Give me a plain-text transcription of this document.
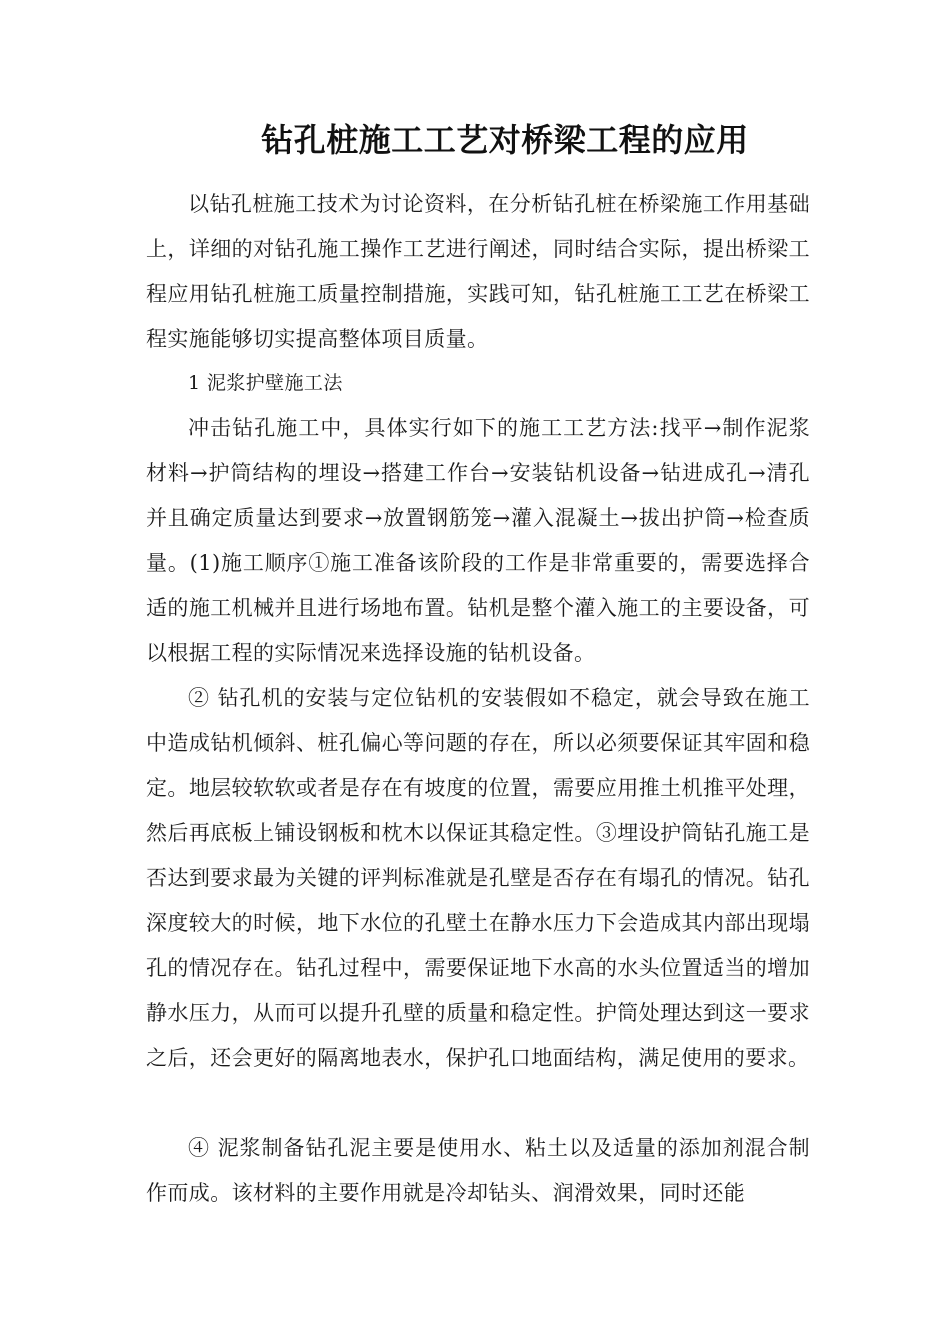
钻孔桩施工工艺对桥梁工程的应用

以钻孔桩施工技术为讨论资料，在分析钻孔桩在桥梁施工作用基础上，详细的对钻孔施工操作工艺进行阐述，同时结合实际，提出桥梁工程应用钻孔桩施工质量控制措施，实践可知，钻孔桩施工工艺在桥梁工程实施能够切实提高整体项目质量。

1 泥浆护壁施工法

冲击钻孔施工中，具体实行如下的施工工艺方法:找平→制作泥浆材料→护筒结构的埋设→搭建工作台→安装钻机设备→钻进成孔→清孔并且确定质量达到要求→放置钢筋笼→灌入混凝土→拔出护筒→检查质量。(1)施工顺序①施工准备该阶段的工作是非常重要的，需要选择合适的施工机械并且进行场地布置。钻机是整个灌入施工的主要设备，可以根据工程的实际情况来选择设施的钻机设备。

② 钻孔机的安装与定位钻机的安装假如不稳定，就会导致在施工中造成钻机倾斜、桩孔偏心等问题的存在，所以必须要保证其牢固和稳定。地层较软软或者是存在有坡度的位置，需要应用推土机推平处理，然后再底板上铺设钢板和枕木以保证其稳定性。③埋设护筒钻孔施工是否达到要求最为关键的评判标准就是孔壁是否存在有塌孔的情况。钻孔深度较大的时候，地下水位的孔壁土在静水压力下会造成其内部出现塌孔的情况存在。钻孔过程中，需要保证地下水高的水头位置适当的增加静水压力，从而可以提升孔壁的质量和稳定性。护筒处理达到这一要求之后，还会更好的隔离地表水，保护孔口地面结构，满足使用的要求。

④ 泥浆制备钻孔泥主要是使用水、粘土以及适量的添加剂混合制作而成。该材料的主要作用就是冷却钻头、润滑效果，同时还能
